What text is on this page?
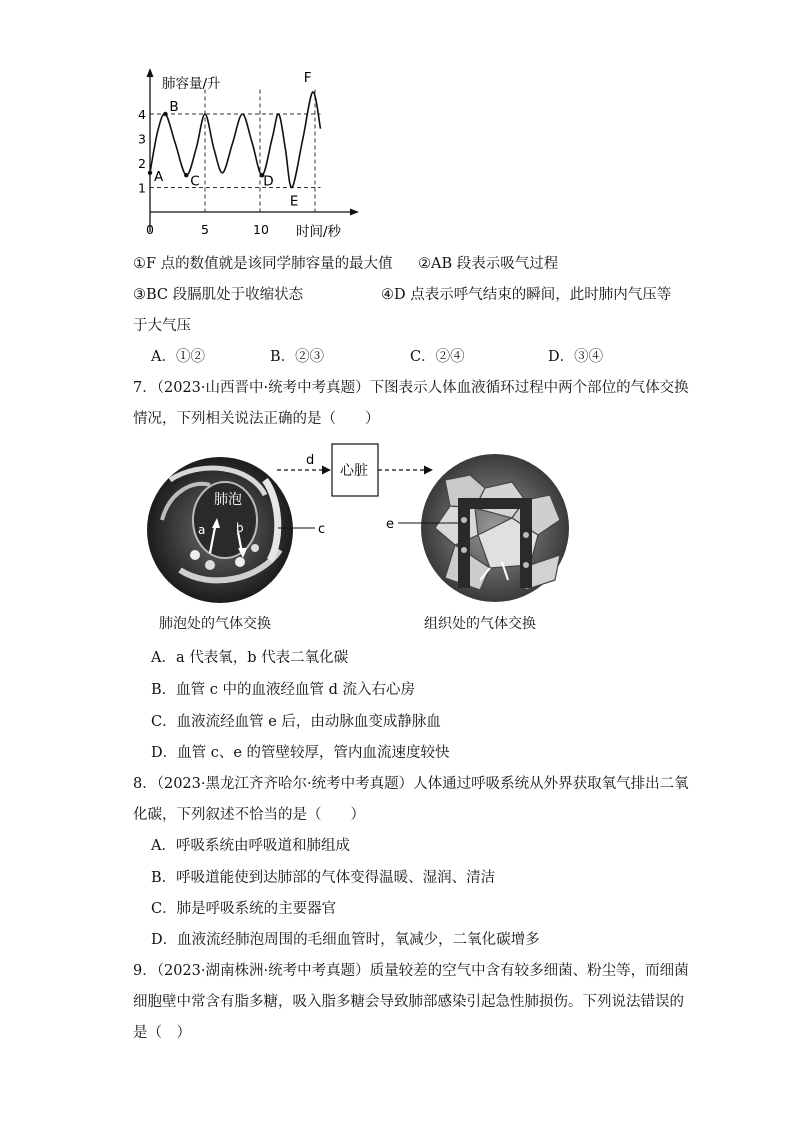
肺容量/升
时间/秒
1
2
3
4
0	5	10
A
B
C	D
E
F
①F 点的数值就是该同学肺容量的最大值 ②AB 段表示吸气过程
③BC 段膈肌处于收缩状态	④D 点表示呼气结束的瞬间，此时肺内气压等
于大气压
A．①②	B．②③	C．②④	D．③④
7．（2023·山西晋中·统考中考真题）下图表示人体血液循环过程中两个部位的气体交换
情况，下列相关说法正确的是（　　）
肺泡
a	b	c
d
心脏
e
肺泡处的气体交换	组织处的气体交换
A．a 代表氧，b 代表二氧化碳
B．血管 c 中的血液经血管 d 流入右心房
C．血液流经血管 e 后，由动脉血变成静脉血
D．血管 c、e 的管壁较厚，管内血流速度较快
8．（2023·黑龙江齐齐哈尔·统考中考真题）人体通过呼吸系统从外界获取氧气排出二氧
化碳，下列叙述不恰当的是（　　）
A．呼吸系统由呼吸道和肺组成
B．呼吸道能使到达肺部的气体变得温暖、湿润、清洁
C．肺是呼吸系统的主要器官
D．血液流经肺泡周围的毛细血管时，氧减少，二氧化碳增多
9．（2023·湖南株洲·统考中考真题）质量较差的空气中含有较多细菌、粉尘等，而细菌
细胞壁中常含有脂多糖，吸入脂多糖会导致肺部感染引起急性肺损伤。下列说法错误的
是（　）
